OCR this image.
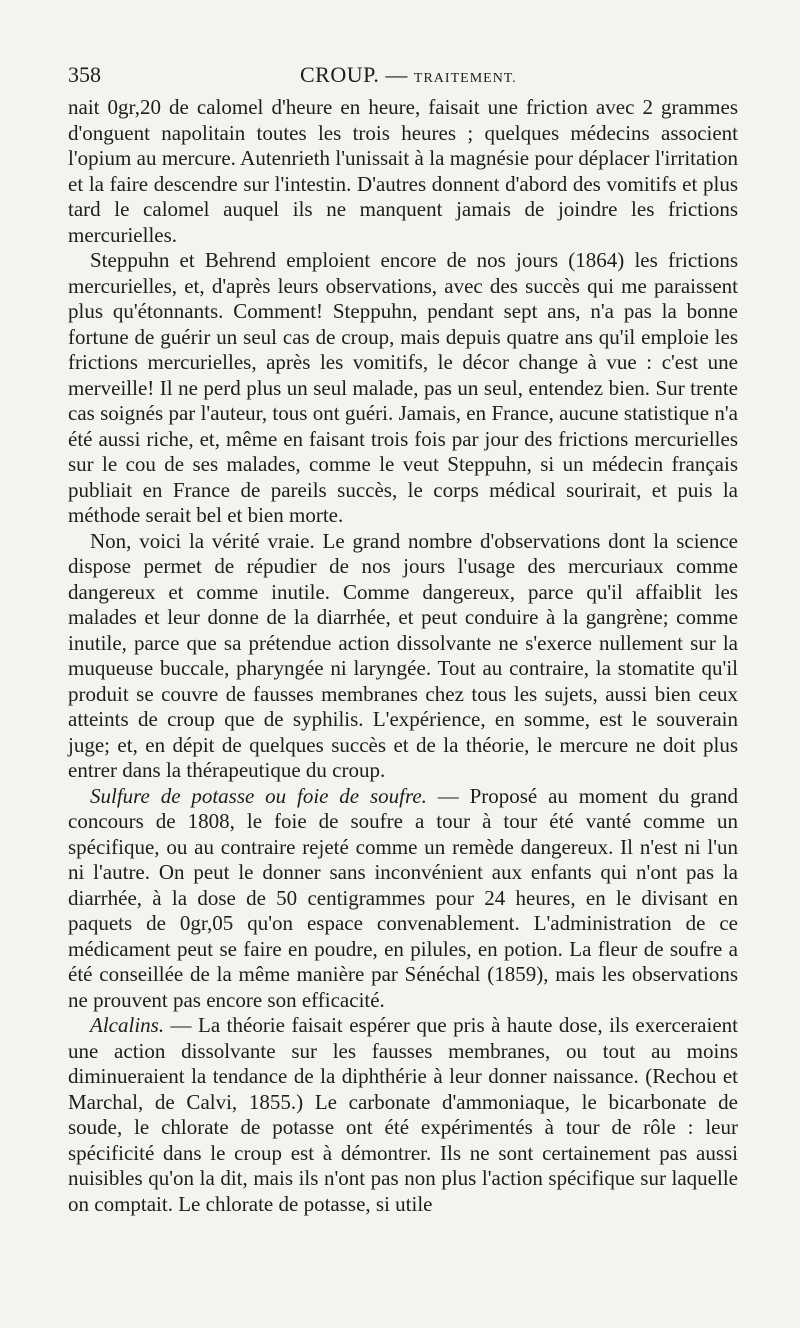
358	CROUP. — TRAITEMENT.

nait 0gr,20 de calomel d'heure en heure, faisait une friction avec 2 grammes d'onguent napolitain toutes les trois heures ; quelques médecins associent l'opium au mercure. Autenrieth l'unissait à la magnésie pour déplacer l'irritation et la faire descendre sur l'intestin. D'autres donnent d'abord des vomitifs et plus tard le calomel auquel ils ne manquent jamais de joindre les frictions mercurielles.

Steppuhn et Behrend emploient encore de nos jours (1864) les frictions mercurielles, et, d'après leurs observations, avec des succès qui me paraissent plus qu'étonnants. Comment! Steppuhn, pendant sept ans, n'a pas la bonne fortune de guérir un seul cas de croup, mais depuis quatre ans qu'il emploie les frictions mercurielles, après les vomitifs, le décor change à vue : c'est une merveille! Il ne perd plus un seul malade, pas un seul, entendez bien. Sur trente cas soignés par l'auteur, tous ont guéri. Jamais, en France, aucune statistique n'a été aussi riche, et, même en faisant trois fois par jour des frictions mercurielles sur le cou de ses malades, comme le veut Steppuhn, si un médecin français publiait en France de pareils succès, le corps médical sourirait, et puis la méthode serait bel et bien morte.

Non, voici la vérité vraie. Le grand nombre d'observations dont la science dispose permet de répudier de nos jours l'usage des mercuriaux comme dangereux et comme inutile. Comme dangereux, parce qu'il affaiblit les malades et leur donne de la diarrhée, et peut conduire à la gangrène; comme inutile, parce que sa prétendue action dissolvante ne s'exerce nullement sur la muqueuse buccale, pharyngée ni laryngée. Tout au contraire, la stomatite qu'il produit se couvre de fausses membranes chez tous les sujets, aussi bien ceux atteints de croup que de syphilis. L'expérience, en somme, est le souverain juge; et, en dépit de quelques succès et de la théorie, le mercure ne doit plus entrer dans la thérapeutique du croup.

Sulfure de potasse ou foie de soufre. — Proposé au moment du grand concours de 1808, le foie de soufre a tour à tour été vanté comme un spécifique, ou au contraire rejeté comme un remède dangereux. Il n'est ni l'un ni l'autre. On peut le donner sans inconvénient aux enfants qui n'ont pas la diarrhée, à la dose de 50 centigrammes pour 24 heures, en le divisant en paquets de 0gr,05 qu'on espace convenablement. L'administration de ce médicament peut se faire en poudre, en pilules, en potion. La fleur de soufre a été conseillée de la même manière par Sénéchal (1859), mais les observations ne prouvent pas encore son efficacité.

Alcalins. — La théorie faisait espérer que pris à haute dose, ils exerceraient une action dissolvante sur les fausses membranes, ou tout au moins diminueraient la tendance de la diphthérie à leur donner naissance. (Rechou et Marchal, de Calvi, 1855.) Le carbonate d'ammoniaque, le bicarbonate de soude, le chlorate de potasse ont été expérimentés à tour de rôle : leur spécificité dans le croup est à démontrer. Ils ne sont certainement pas aussi nuisibles qu'on la dit, mais ils n'ont pas non plus l'action spécifique sur laquelle on comptait. Le chlorate de potasse, si utile
